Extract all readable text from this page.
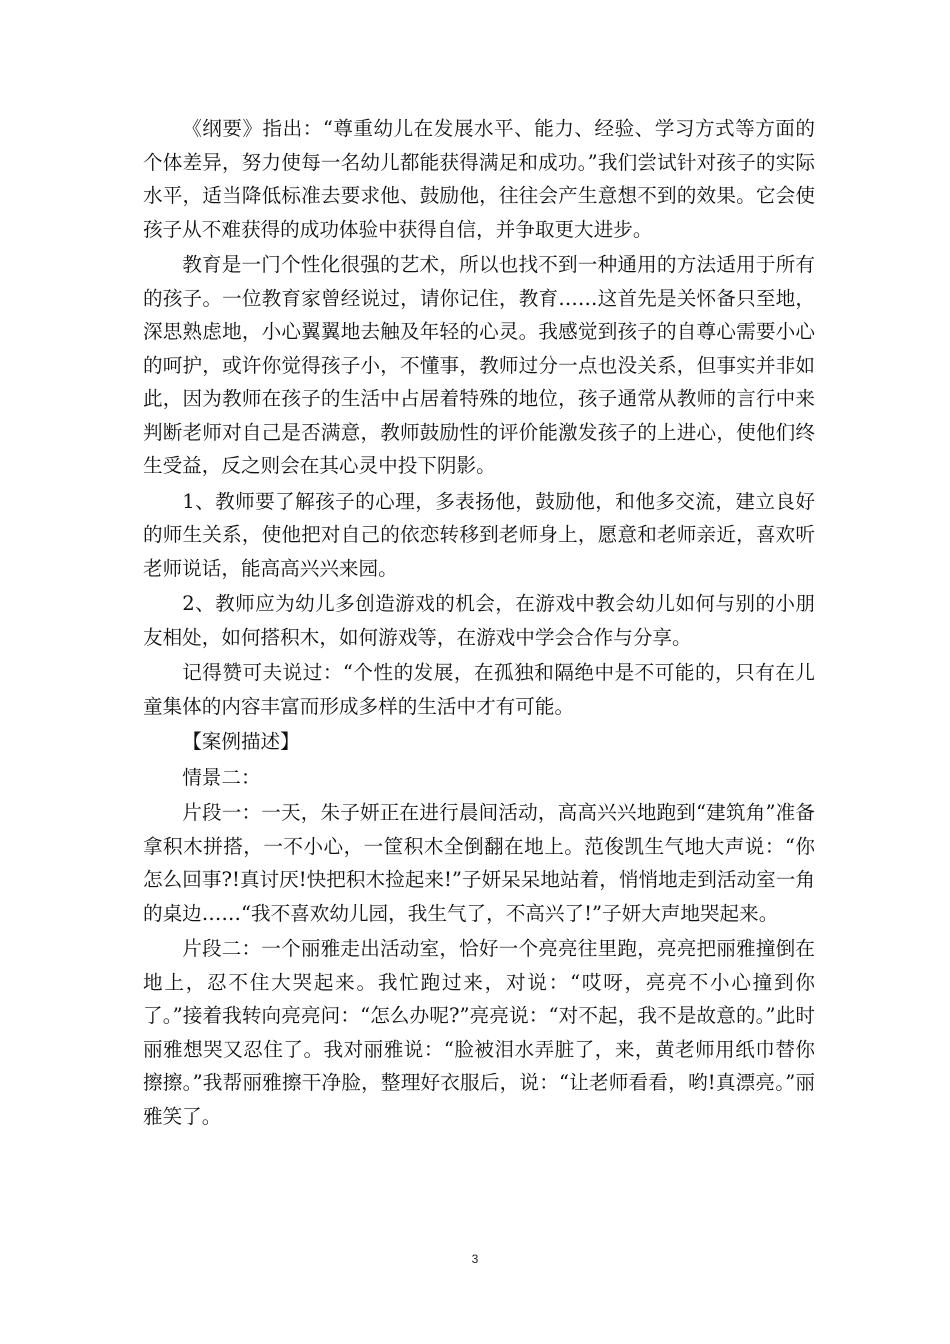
《纲要》指出：“尊重幼儿在发展水平、能力、经验、学习方式等方面的个体差异，努力使每一名幼儿都能获得满足和成功。”我们尝试针对孩子的实际水平，适当降低标准去要求他、鼓励他，往往会产生意想不到的效果。它会使孩子从不难获得的成功体验中获得自信，并争取更大进步。

教育是一门个性化很强的艺术，所以也找不到一种通用的方法适用于所有的孩子。一位教育家曾经说过，请你记住，教育……这首先是关怀备只至地，深思熟虑地，小心翼翼地去触及年轻的心灵。我感觉到孩子的自尊心需要小心的呵护，或许你觉得孩子小，不懂事，教师过分一点也没关系，但事实并非如此，因为教师在孩子的生活中占居着特殊的地位，孩子通常从教师的言行中来判断老师对自己是否满意，教师鼓励性的评价能激发孩子的上进心，使他们终生受益，反之则会在其心灵中投下阴影。

1、教师要了解孩子的心理，多表扬他，鼓励他，和他多交流，建立良好的师生关系，使他把对自己的依恋转移到老师身上，愿意和老师亲近，喜欢听老师说话，能高高兴兴来园。

2、教师应为幼儿多创造游戏的机会，在游戏中教会幼儿如何与别的小朋友相处，如何搭积木，如何游戏等，在游戏中学会合作与分享。

记得赞可夫说过：“个性的发展，在孤独和隔绝中是不可能的，只有在儿童集体的内容丰富而形成多样的生活中才有可能。

【案例描述】

情景二：

片段一：一天，朱子妍正在进行晨间活动，高高兴兴地跑到“建筑角”准备拿积木拼搭，一不小心，一筐积木全倒翻在地上。范俊凯生气地大声说：“你怎么回事?!真讨厌!快把积木捡起来!”子妍呆呆地站着，悄悄地走到活动室一角的桌边……“我不喜欢幼儿园，我生气了，不高兴了!”子妍大声地哭起来。

片段二：一个丽雅走出活动室，恰好一个亮亮往里跑，亮亮把丽雅撞倒在地上，忍不住大哭起来。我忙跑过来，对说：“哎呀，亮亮不小心撞到你了。”接着我转向亮亮问：“怎么办呢?”亮亮说：“对不起，我不是故意的。”此时丽雅想哭又忍住了。我对丽雅说：“脸被泪水弄脏了，来，黄老师用纸巾替你擦擦。”我帮丽雅擦干净脸，整理好衣服后，说：“让老师看看，哟!真漂亮。”丽雅笑了。

3
